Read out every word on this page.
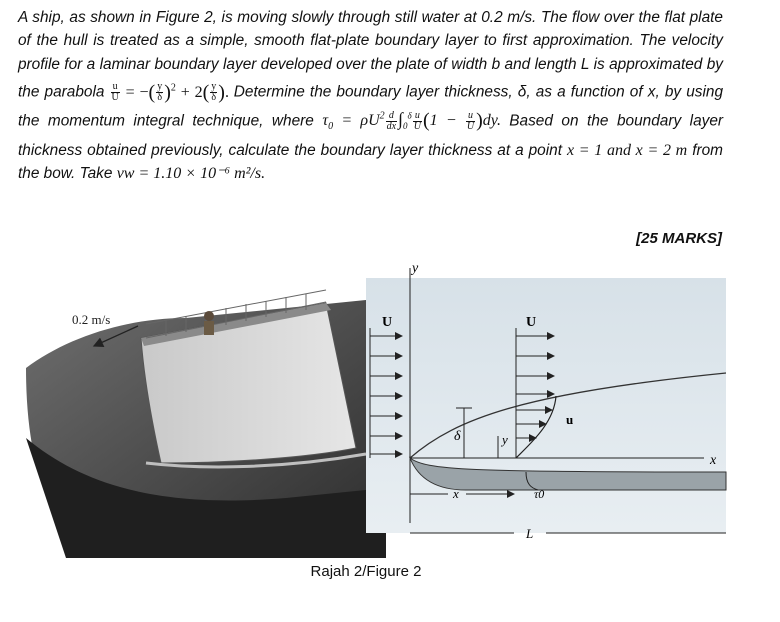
A ship, as shown in Figure 2, is moving slowly through still water at 0.2 m/s. The flow over the flat plate of the hull is treated as a simple, smooth flat-plate boundary layer to first approximation. The velocity profile for a laminar boundary layer developed over the plate of width b and length L is approximated by the parabola $\frac{u}{U}$ = −( $\frac{y}{\delta} )^2 + 2( \frac{y}{\delta}$ ). Determine the boundary layer thickness, δ, as a function of x, by using the momentum integral technique, where $\tau_0 = \rho U^2 \frac{d}{dx} \int_0^\delta \frac{u}{U} (1 - \frac{u}{U} )dy$. Based on the boundary layer thickness obtained previously, calculate the boundary layer thickness at a point x = 1 and x = 2 m from the bow. Take νw = 1.10 × 10⁻⁶ m²/s.

[25 MARKS]
0.2 m/s
y
U
x
U
u
δ	y
x	τ0
L
Rajah 2/Figure 2
